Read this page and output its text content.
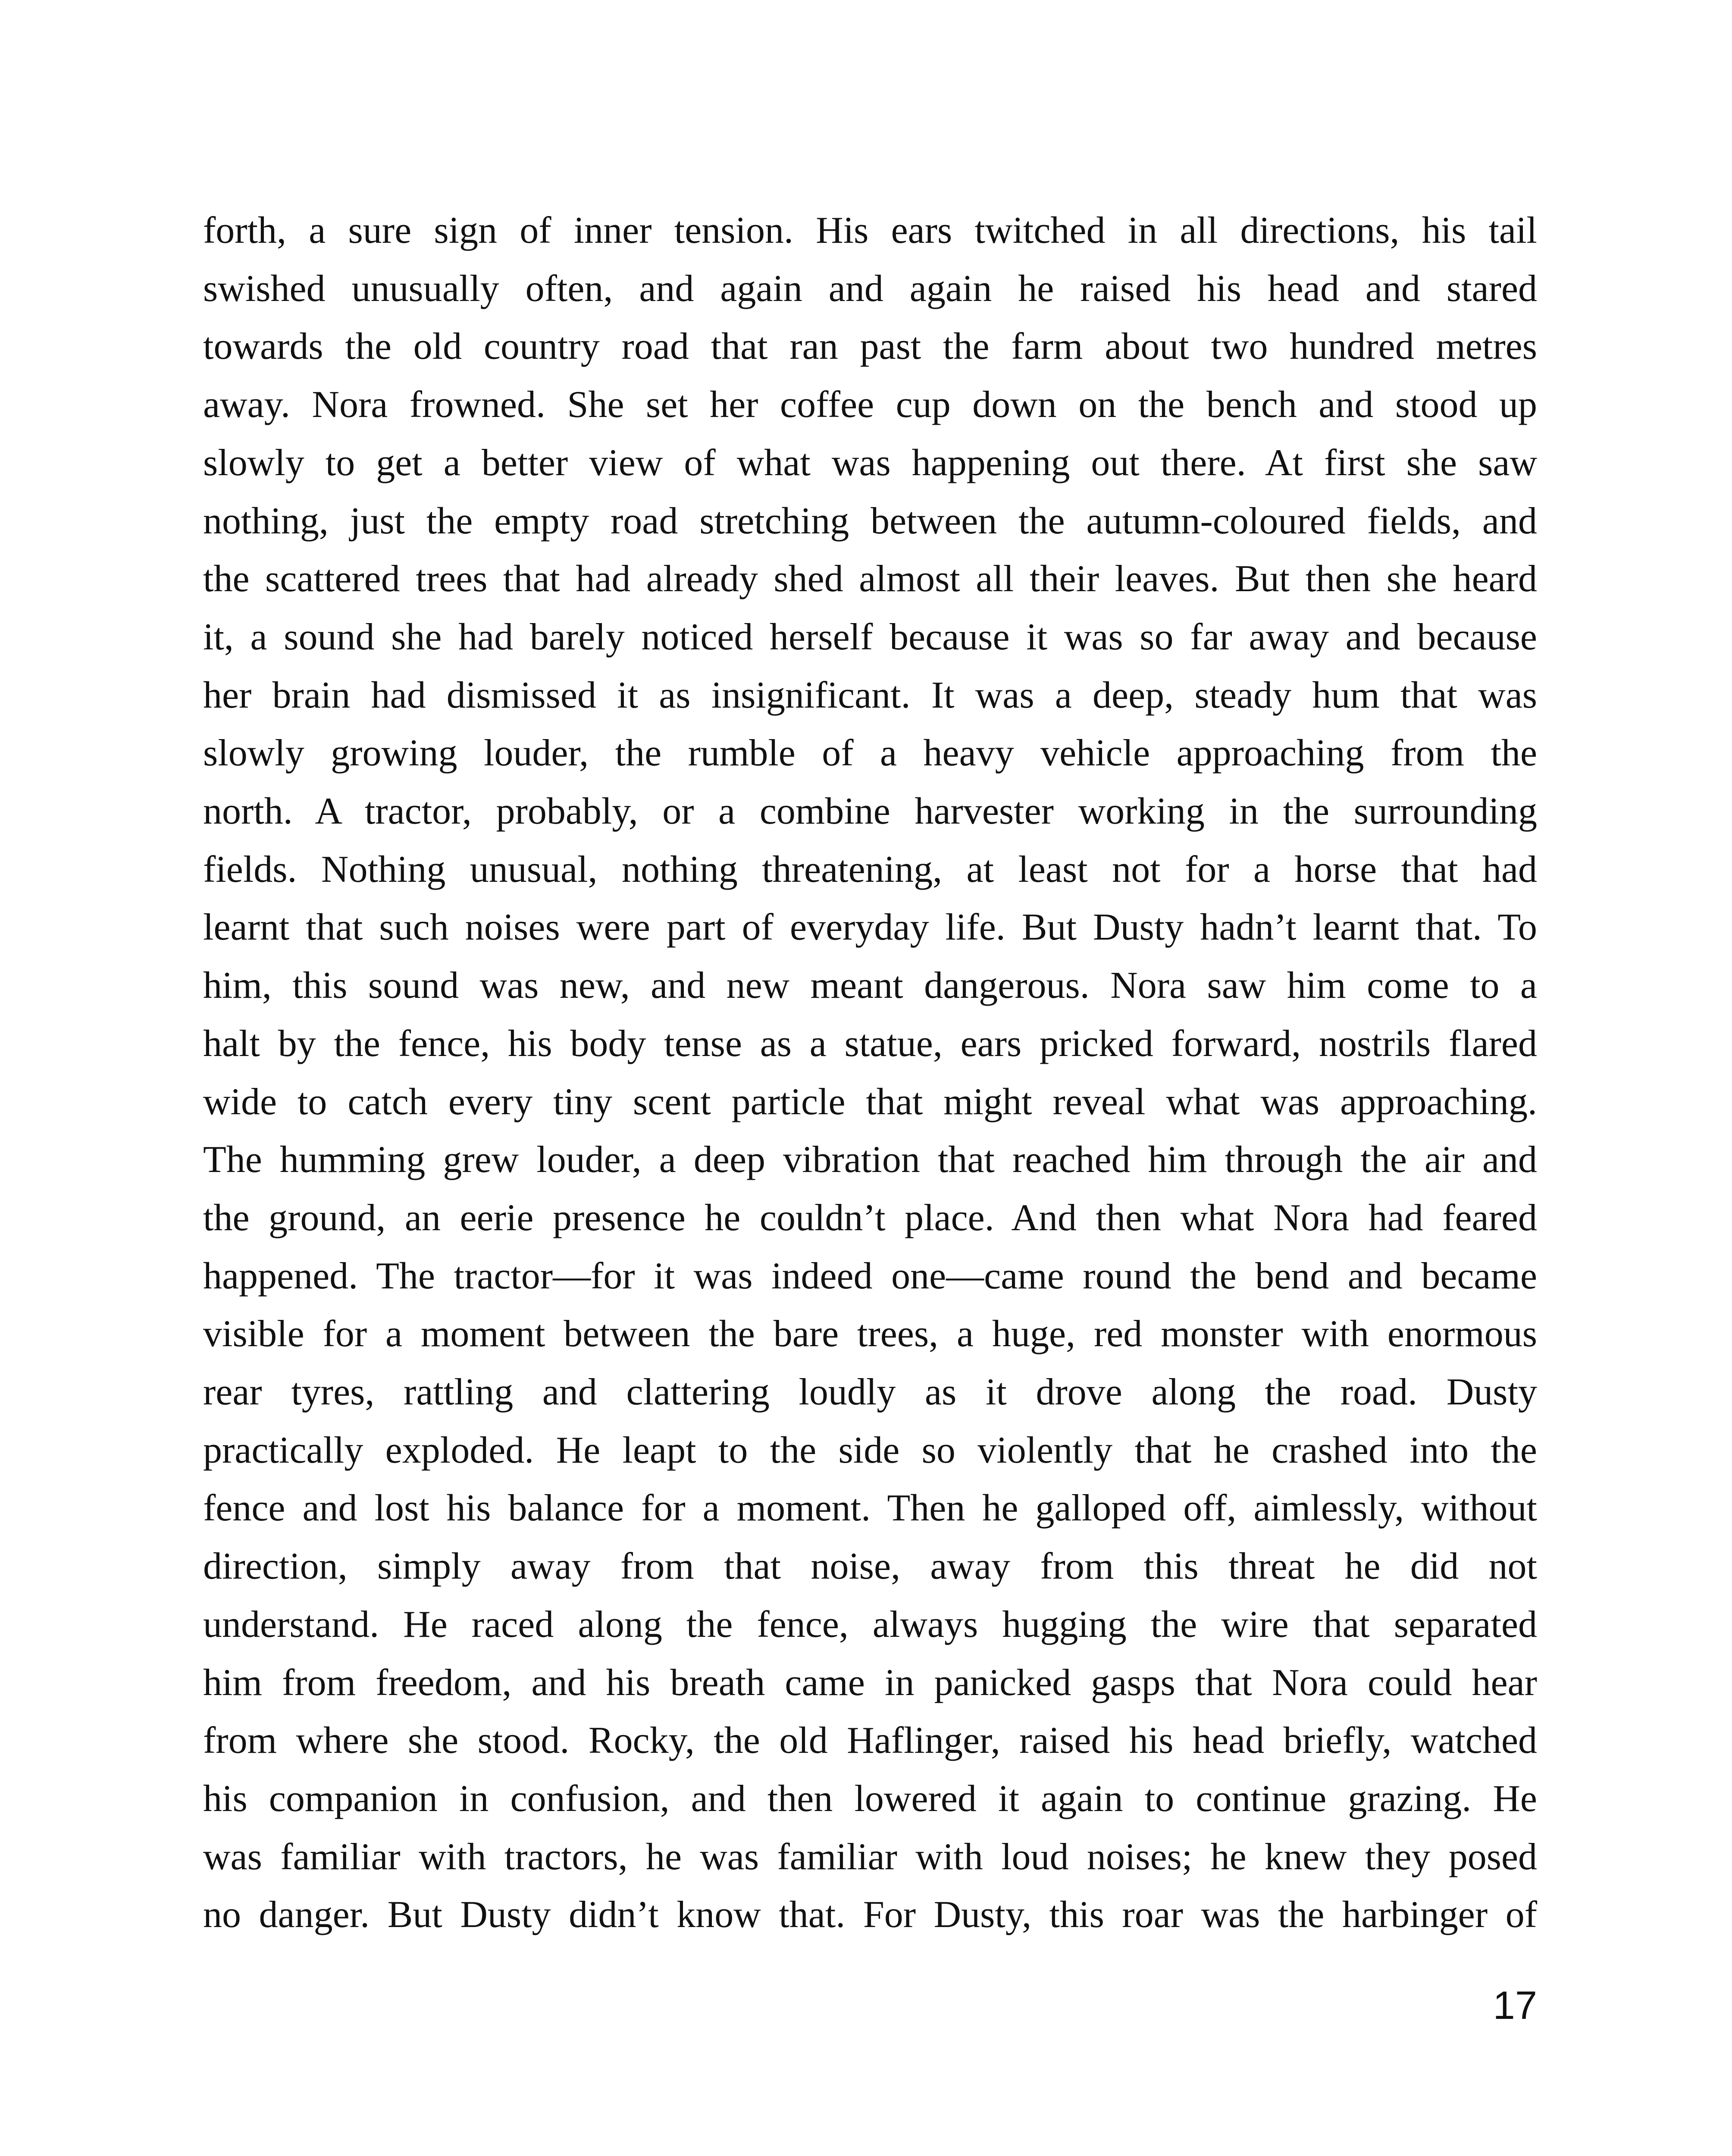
forth, a sure sign of inner tension. His ears twitched in all directions, his tail
swished unusually often, and again and again he raised his head and stared
towards the old country road that ran past the farm about two hundred metres
away. Nora frowned. She set her coffee cup down on the bench and stood up
slowly to get a better view of what was happening out there. At first she saw
nothing, just the empty road stretching between the autumn-coloured fields, and
the scattered trees that had already shed almost all their leaves. But then she heard
it, a sound she had barely noticed herself because it was so far away and because
her brain had dismissed it as insignificant. It was a deep, steady hum that was
slowly growing louder, the rumble of a heavy vehicle approaching from the
north. A tractor, probably, or a combine harvester working in the surrounding
fields. Nothing unusual, nothing threatening, at least not for a horse that had
learnt that such noises were part of everyday life. But Dusty hadn’t learnt that. To
him, this sound was new, and new meant dangerous. Nora saw him come to a
halt by the fence, his body tense as a statue, ears pricked forward, nostrils flared
wide to catch every tiny scent particle that might reveal what was approaching.
The humming grew louder, a deep vibration that reached him through the air and
the ground, an eerie presence he couldn’t place. And then what Nora had feared
happened. The tractor—for it was indeed one—came round the bend and became
visible for a moment between the bare trees, a huge, red monster with enormous
rear tyres, rattling and clattering loudly as it drove along the road. Dusty
practically exploded. He leapt to the side so violently that he crashed into the
fence and lost his balance for a moment. Then he galloped off, aimlessly, without
direction, simply away from that noise, away from this threat he did not
understand. He raced along the fence, always hugging the wire that separated
him from freedom, and his breath came in panicked gasps that Nora could hear
from where she stood. Rocky, the old Haflinger, raised his head briefly, watched
his companion in confusion, and then lowered it again to continue grazing. He
was familiar with tractors, he was familiar with loud noises; he knew they posed
no danger. But Dusty didn’t know that. For Dusty, this roar was the harbinger of
17
